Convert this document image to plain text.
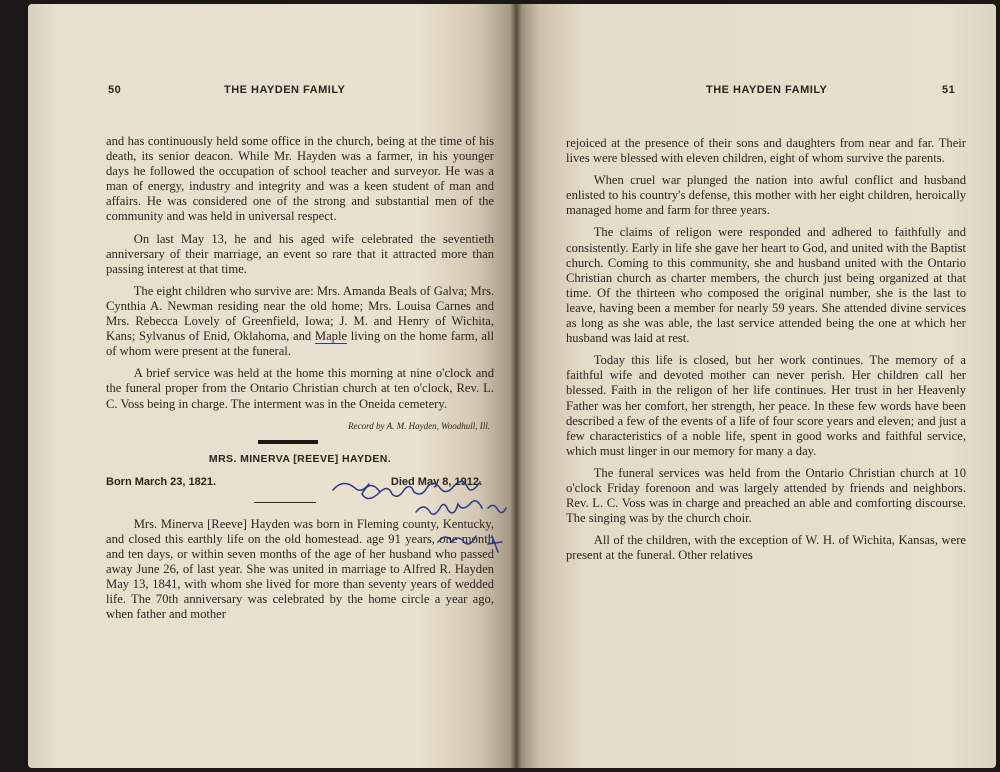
50	THE HAYDEN FAMILY

and has continuously held some office in the church, being at the time of his death, its senior deacon. While Mr. Hayden was a farmer, in his younger days he followed the occupation of school teacher and surveyor. He was a man of energy, industry and integrity and was a keen student of man and affairs. He was considered one of the strong and substantial men of the community and was held in universal respect.

On last May 13, he and his aged wife celebrated the seventieth anniversary of their marriage, an event so rare that it attracted more than passing interest at that time.

The eight children who survive are: Mrs. Amanda Beals of Galva; Mrs. Cynthia A. Newman residing near the old home; Mrs. Louisa Carnes and Mrs. Rebecca Lovely of Greenfield, Iowa; J. M. and Henry of Wichita, Kans; Sylvanus of Enid, Oklahoma, and Maple living on the home farm, all of whom were present at the funeral.

A brief service was held at the home this morning at nine o'clock and the funeral proper from the Ontario Christian church at ten o'clock, Rev. L. C. Voss being in charge. The interment was in the Oneida cemetery.

Record by A. M. Hayden, Woodhull, Ill.
MRS. MINERVA [REEVE] HAYDEN.
Born March 23, 1821.	Died May 8, 1912.

Mrs. Minerva [Reeve] Hayden was born in Fleming county, Kentucky, and closed this earthly life on the old homestead. age 91 years, one month and ten days, or within seven months of the age of her husband who passed away June 26, of last year. She was united in marriage to Alfred R. Hayden May 13, 1841, with whom she lived for more than seventy years of wedded life. The 70th anniversary was celebrated by the home circle a year ago, when father and mother

THE HAYDEN FAMILY	51

rejoiced at the presence of their sons and daughters from near and far. Their lives were blessed with eleven children, eight of whom survive the parents.

When cruel war plunged the nation into awful conflict and husband enlisted to his country's defense, this mother with her eight children, heroically managed home and farm for three years.

The claims of religon were responded and adhered to faithfully and consistently. Early in life she gave her heart to God, and united with the Baptist church. Coming to this community, she and husband united with the Ontario Christian church as charter members, the church just being organized at that time. Of the thirteen who composed the original number, she is the last to leave, having been a member for nearly 59 years. She attended divine services as long as she was able, the last service attended being the one at which her husband was laid at rest.

Today this life is closed, but her work continues. The memory of a faithful wife and devoted mother can never perish. Her children call her blessed. Faith in the religon of her life continues. Her trust in her Heavenly Father was her comfort, her strength, her peace. In these few words have been described a few of the events of a life of four score years and eleven; and just a few characteristics of a noble life, spent in good works and faithful service, which must linger in our memory for many a day.

The funeral services was held from the Ontario Christian church at 10 o'clock Friday forenoon and was largely attended by friends and neighbors. Rev. L. C. Voss was in charge and preached an able and comforting discourse. The singing was by the church choir.

All of the children, with the exception of W. H. of Wichita, Kansas, were present at the funeral. Other relatives
